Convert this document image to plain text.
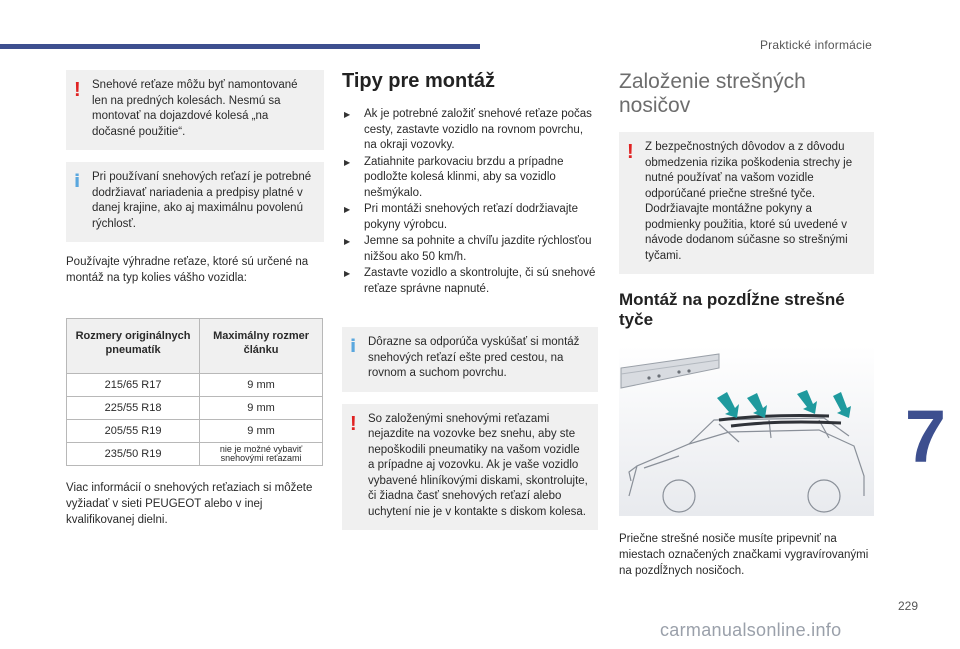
Praktické informácie
7
229
carmanualsonline.info
! Snehové reťaze môžu byť namontované len na predných kolesách. Nesmú sa montovať na dojazdové kolesá „na dočasné použitie“.
i Pri používaní snehových reťazí je potrebné dodržiavať nariadenia a predpisy platné v danej krajine, ako aj maximálnu povolenú rýchlosť.

Používajte výhradne reťaze, ktoré sú určené na montáž na typ kolies vášho vozidla:

Rozmery originálnych pneumatík	Maximálny rozmer článku
215/65 R17	9 mm
225/55 R18	9 mm
205/55 R19	9 mm
235/50 R19	nie je možné vybaviť snehovými reťazami

Viac informácií o snehových reťaziach si môžete vyžiadať v sieti PEUGEOT alebo v inej kvalifikovanej dielni.

Tipy pre montáž
▶ Ak je potrebné založiť snehové reťaze počas cesty, zastavte vozidlo na rovnom povrchu, na okraji vozovky.
▶ Zatiahnite parkovaciu brzdu a prípadne podložte kolesá klinmi, aby sa vozidlo nešmýkalo.
▶ Pri montáži snehových reťazí dodržiavajte pokyny výrobcu.
▶ Jemne sa pohnite a chvíľu jazdite rýchlosťou nižšou ako 50 km/h.
▶ Zastavte vozidlo a skontrolujte, či sú snehové reťaze správne napnuté.
i Dôrazne sa odporúča vyskúšať si montáž snehových reťazí ešte pred cestou, na rovnom a suchom povrchu.
! So založenými snehovými reťazami nejazdite na vozovke bez snehu, aby ste nepoškodili pneumatiky na vašom vozidle a prípadne aj vozovku. Ak je vaše vozidlo vybavené hliníkovými diskami, skontrolujte, či žiadna časť snehových reťazí alebo uchytení nie je v kontakte s diskom kolesa.
Založenie strešných nosičov
! Z bezpečnostných dôvodov a z dôvodu obmedzenia rizika poškodenia strechy je nutné používať na vašom vozidle odporúčané priečne strešné tyče. Dodržiavajte montážne pokyny a podmienky použitia, ktoré sú uvedené v návode dodanom súčasne so strešnými tyčami.
Montáž na pozdĺžne strešné tyče

Priečne strešné nosiče musíte pripevniť na miestach označených značkami vygravírovanými na pozdĺžnych nosičoch.
